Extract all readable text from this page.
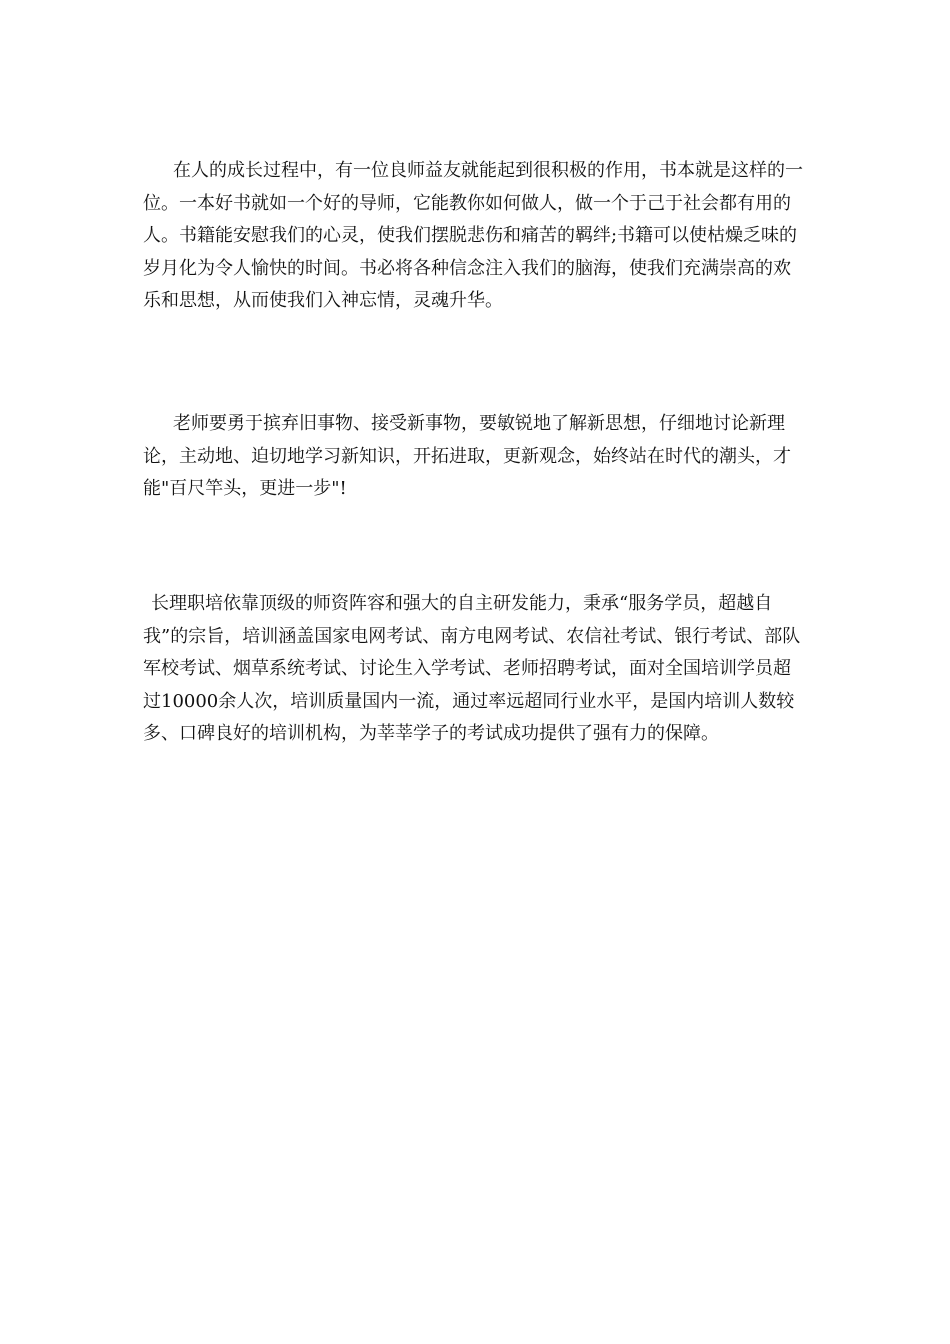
在人的成长过程中，有一位良师益友就能起到很积极的作用，书本就是这样的一位。一本好书就如一个好的导师，它能教你如何做人，做一个于己于社会都有用的人。书籍能安慰我们的心灵，使我们摆脱悲伤和痛苦的羁绊;书籍可以使枯燥乏味的岁月化为令人愉快的时间。书必将各种信念注入我们的脑海，使我们充满崇高的欢乐和思想，从而使我们入神忘情，灵魂升华。

老师要勇于摈弃旧事物、接受新事物，要敏锐地了解新思想，仔细地讨论新理论，主动地、迫切地学习新知识，开拓进取，更新观念，始终站在时代的潮头，才能"百尺竿头，更进一步"!

长理职培依靠顶级的师资阵容和强大的自主研发能力，秉承“服务学员，超越自我”的宗旨，培训涵盖国家电网考试、南方电网考试、农信社考试、银行考试、部队军校考试、烟草系统考试、讨论生入学考试、老师招聘考试，面对全国培训学员超过10000余人次，培训质量国内一流，通过率远超同行业水平，是国内培训人数较多、口碑良好的培训机构，为莘莘学子的考试成功提供了强有力的保障。
